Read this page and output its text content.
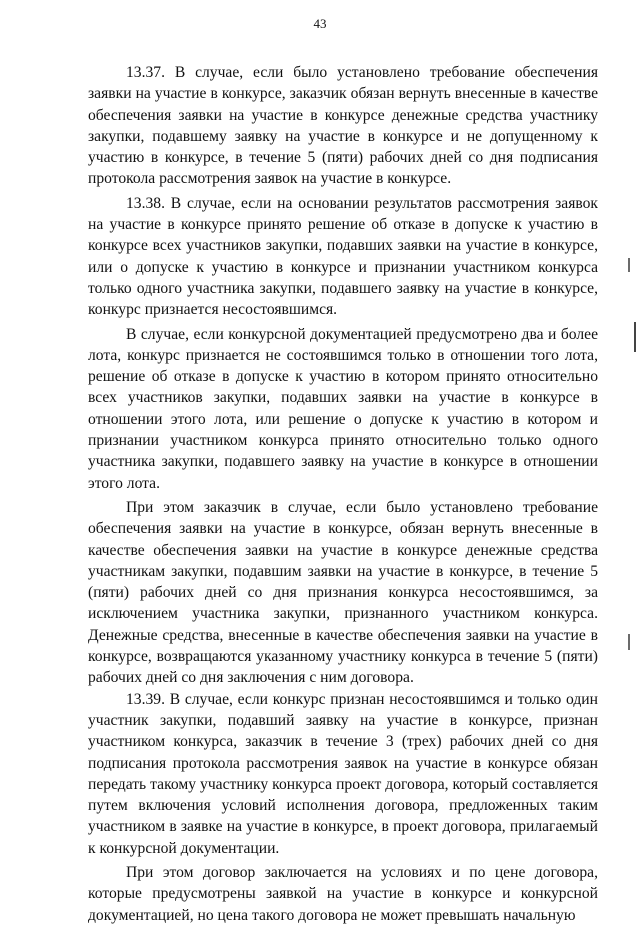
43

13.37. В случае, если было установлено требование обеспечения заявки на участие в конкурсе, заказчик обязан вернуть внесенные в качестве обеспечения заявки на участие в конкурсе денежные средства участнику закупки, подавшему заявку на участие в конкурсе и не допущенному к участию в конкурсе, в течение 5 (пяти) рабочих дней со дня подписания протокола рассмотрения заявок на участие в конкурсе.

13.38. В случае, если на основании результатов рассмотрения заявок на участие в конкурсе принято решение об отказе в допуске к участию в конкурсе всех участников закупки, подавших заявки на участие в конкурсе, или о допуске к участию в конкурсе и признании участником конкурса только одного участника закупки, подавшего заявку на участие в конкурсе, конкурс признается несостоявшимся.

В случае, если конкурсной документацией предусмотрено два и более лота, конкурс признается не состоявшимся только в отношении того лота, решение об отказе в допуске к участию в котором принято относительно всех участников закупки, подавших заявки на участие в конкурсе в отношении этого лота, или решение о допуске к участию в котором и признании участником конкурса принято относительно только одного участника закупки, подавшего заявку на участие в конкурсе в отношении этого лота.

При этом заказчик в случае, если было установлено требование обеспечения заявки на участие в конкурсе, обязан вернуть внесенные в качестве обеспечения заявки на участие в конкурсе денежные средства участникам закупки, подавшим заявки на участие в конкурсе, в течение 5 (пяти) рабочих дней со дня признания конкурса несостоявшимся, за исключением участника закупки, признанного участником конкурса. Денежные средства, внесенные в качестве обеспечения заявки на участие в конкурсе, возвращаются указанному участнику конкурса в течение 5 (пяти) рабочих дней со дня заключения с ним договора.

13.39. В случае, если конкурс признан несостоявшимся и только один участник закупки, подавший заявку на участие в конкурсе, признан участником конкурса, заказчик в течение 3 (трех) рабочих дней со дня подписания протокола рассмотрения заявок на участие в конкурсе обязан передать такому участнику конкурса проект договора, который составляется путем включения условий исполнения договора, предложенных таким участником в заявке на участие в конкурсе, в проект договора, прилагаемый к конкурсной документации.

При этом договор заключается на условиях и по цене договора, которые предусмотрены заявкой на участие в конкурсе и конкурсной документацией, но цена такого договора не может превышать начальную
